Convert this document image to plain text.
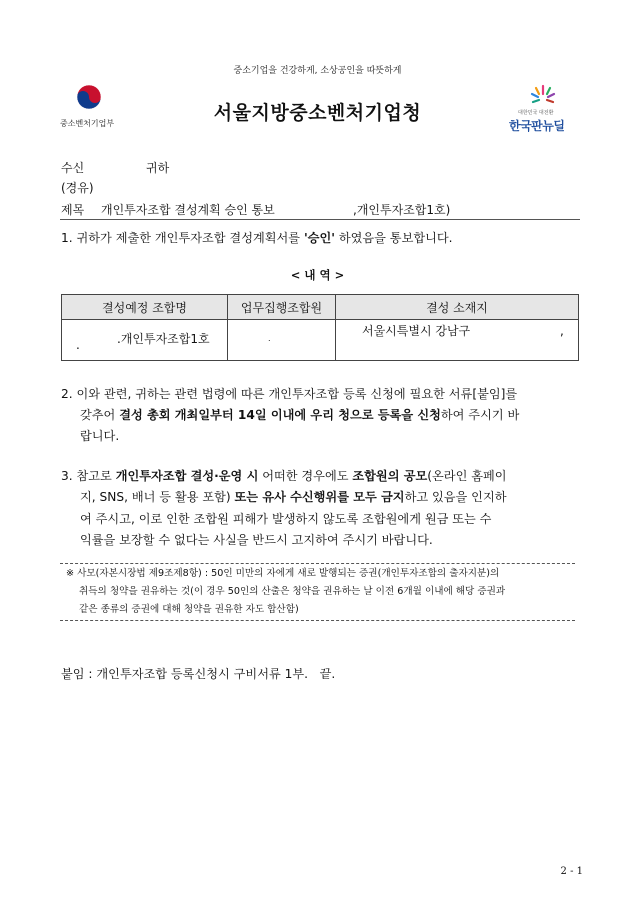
중소기업을 건강하게, 소상공인을 따뜻하게
중소벤처기업부	서울지방중소벤처기업청	대한민국 대전환
한국판뉴딜
수신	귀하
(경유)
제목 개인투자조합 결성계획 승인 통보	,개인투자조합1호)
1. 귀하가 제출한 개인투자조합 결성계획서를 '승인' 하였음을 통보합니다.
< 내 역 >
결성예정 조합명	업무집행조합원	결성 소재지

. .개인투자조합1호	.	서울시특별시 강남구 ,
2. 이와 관련, 귀하는 관련 법령에 따른 개인투자조합 등록 신청에 필요한 서류[붙임]를
갖추어 결성 총회 개최일부터 14일 이내에 우리 청으로 등록을 신청하여 주시기 바
랍니다.
3. 참고로 개인투자조합 결성·운영 시 어떠한 경우에도 조합원의 공모(온라인 홈페이
지, SNS, 배너 등 활용 포함) 또는 유사 수신행위를 모두 금지하고 있음을 인지하
여 주시고, 이로 인한 조합원 피해가 발생하지 않도록 조합원에게 원금 또는 수
익률을 보장할 수 없다는 사실을 반드시 고지하여 주시기 바랍니다.
※ 사모(자본시장법 제9조제8항) : 50인 미만의 자에게 새로 발행되는 증권(개인투자조합의 출자지분)의
취득의 청약을 권유하는 것(이 경우 50인의 산출은 청약을 권유하는 날 이전 6개월 이내에 해당 증권과
같은 종류의 증권에 대해 청약을 권유한 자도 합산함)
붙임 : 개인투자조합 등록신청시 구비서류 1부.   끝.
2 - 1
